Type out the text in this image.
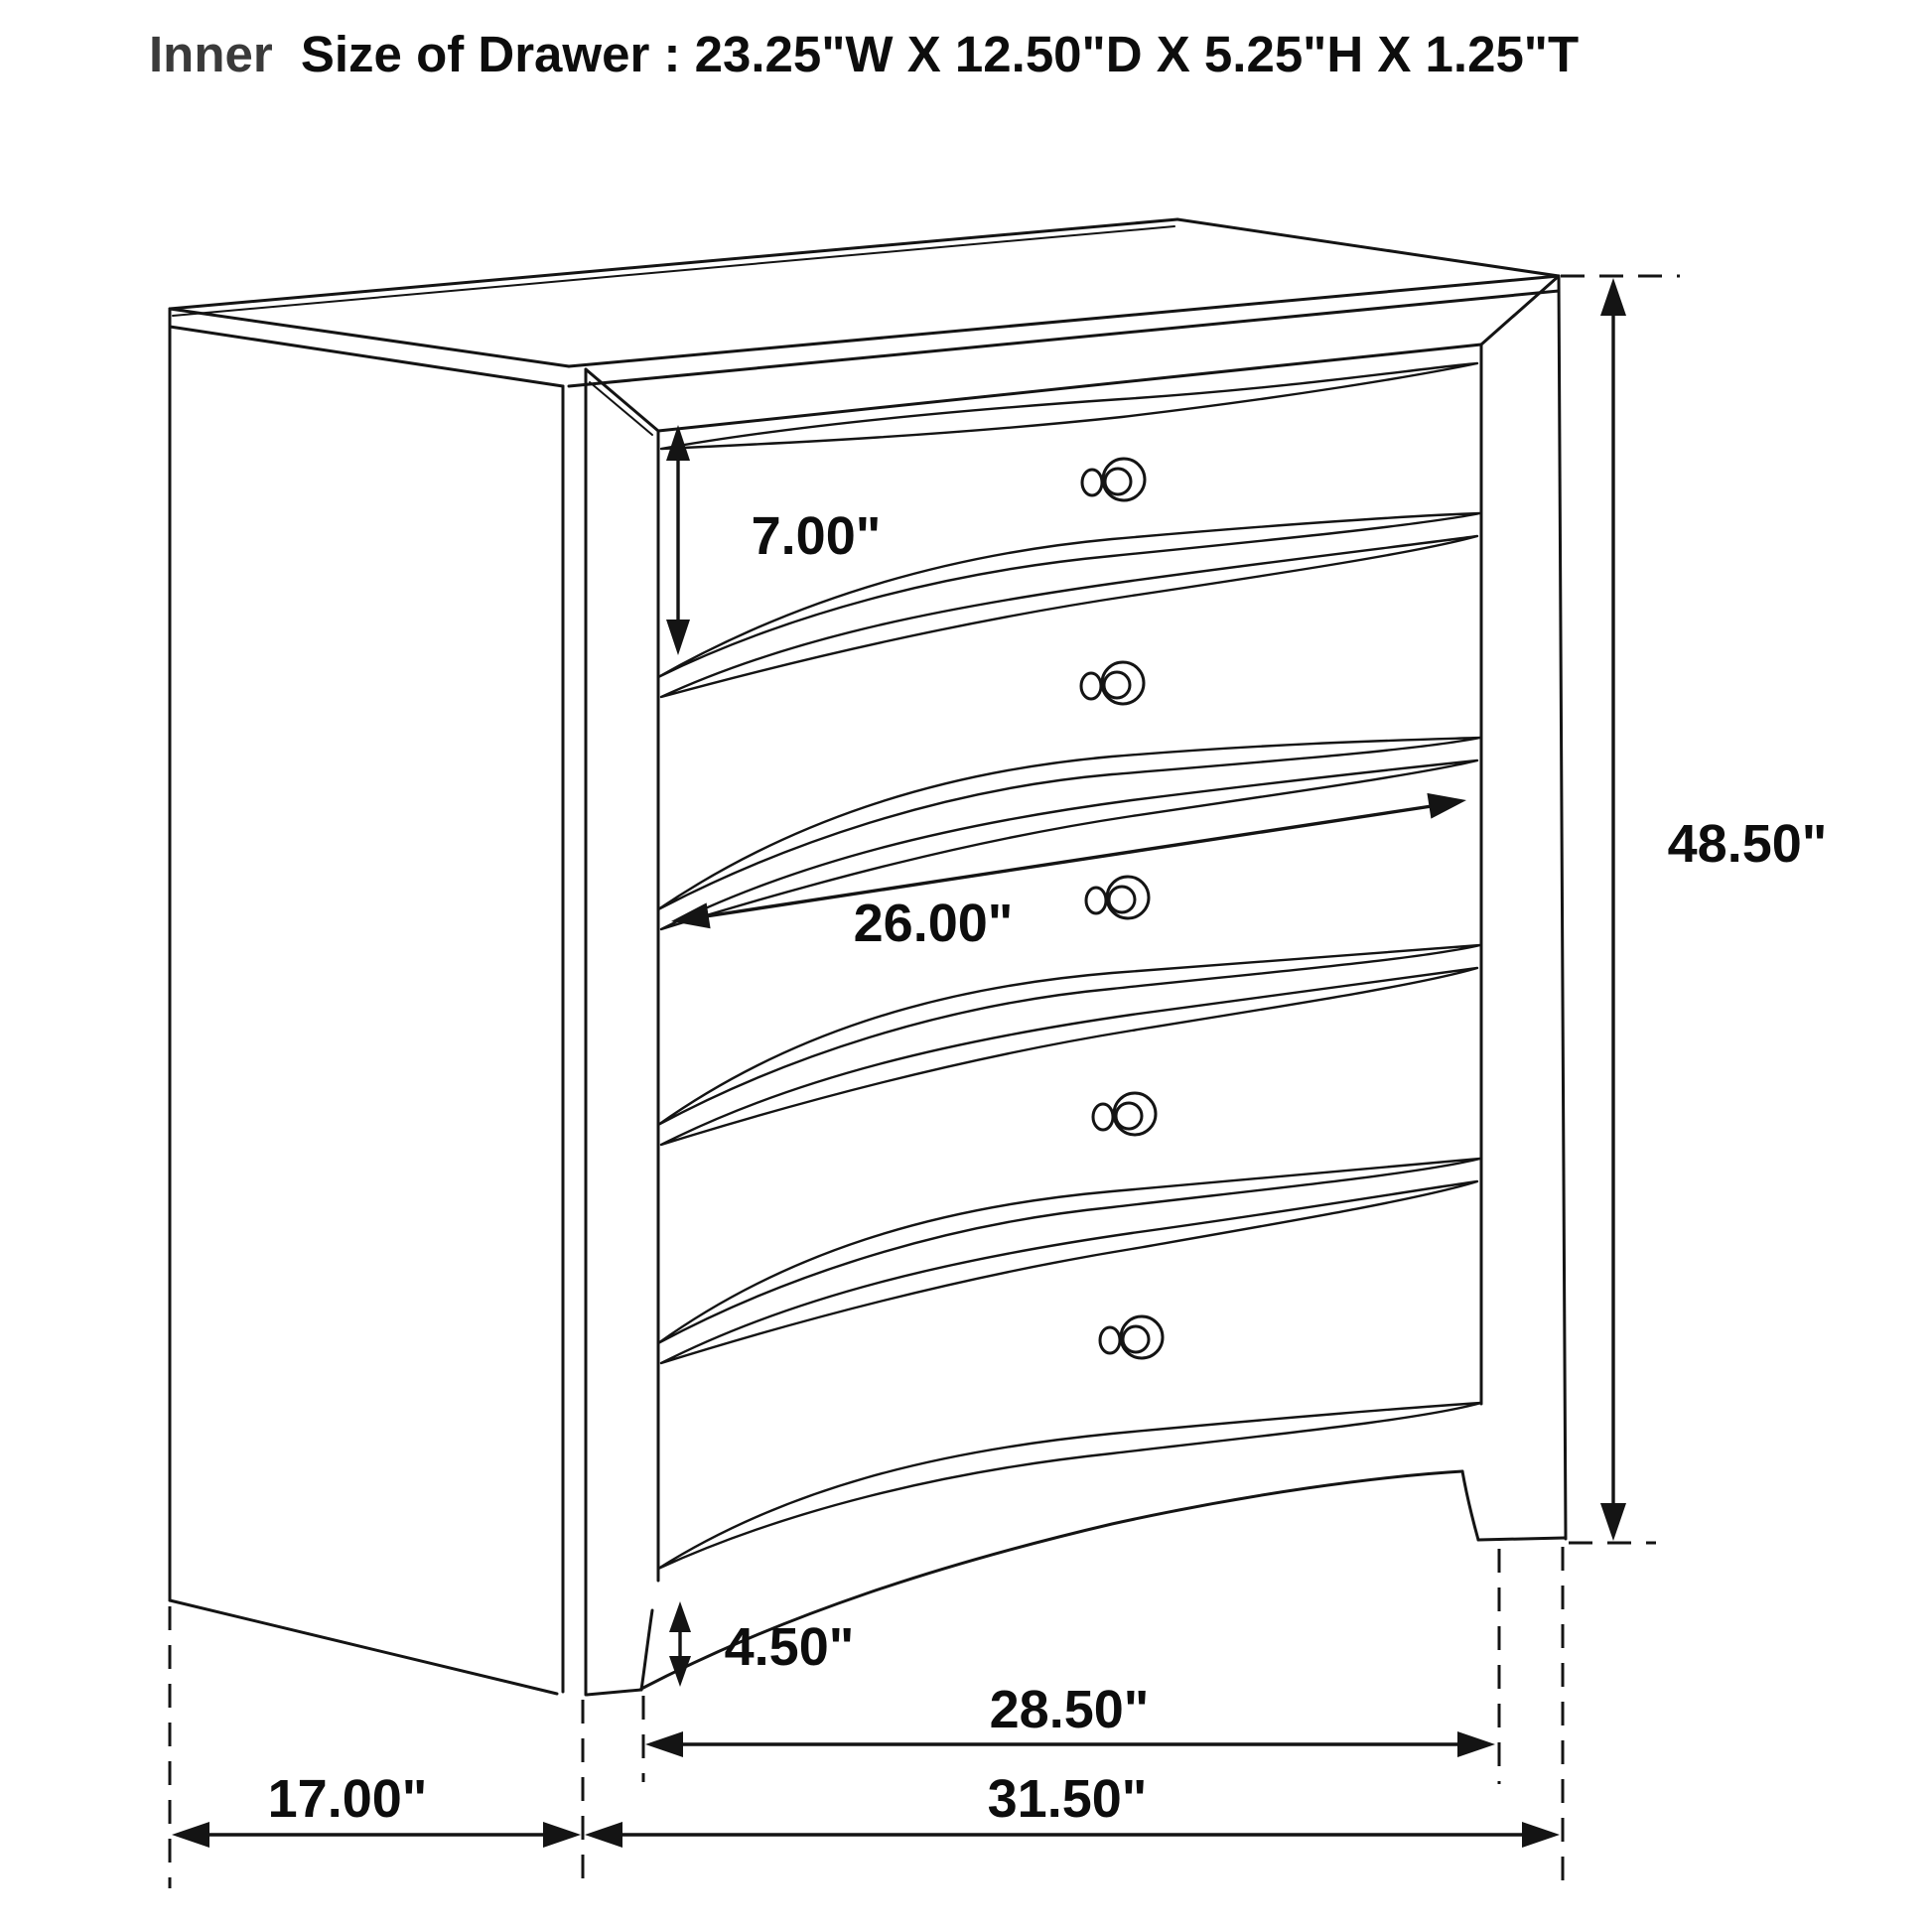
Inner Size of Drawer : 23.25"W X 12.50"D X 5.25"H X 1.25"T
7.00"
26.00"
48.50"
4.50"
28.50"
31.50"
17.00"
